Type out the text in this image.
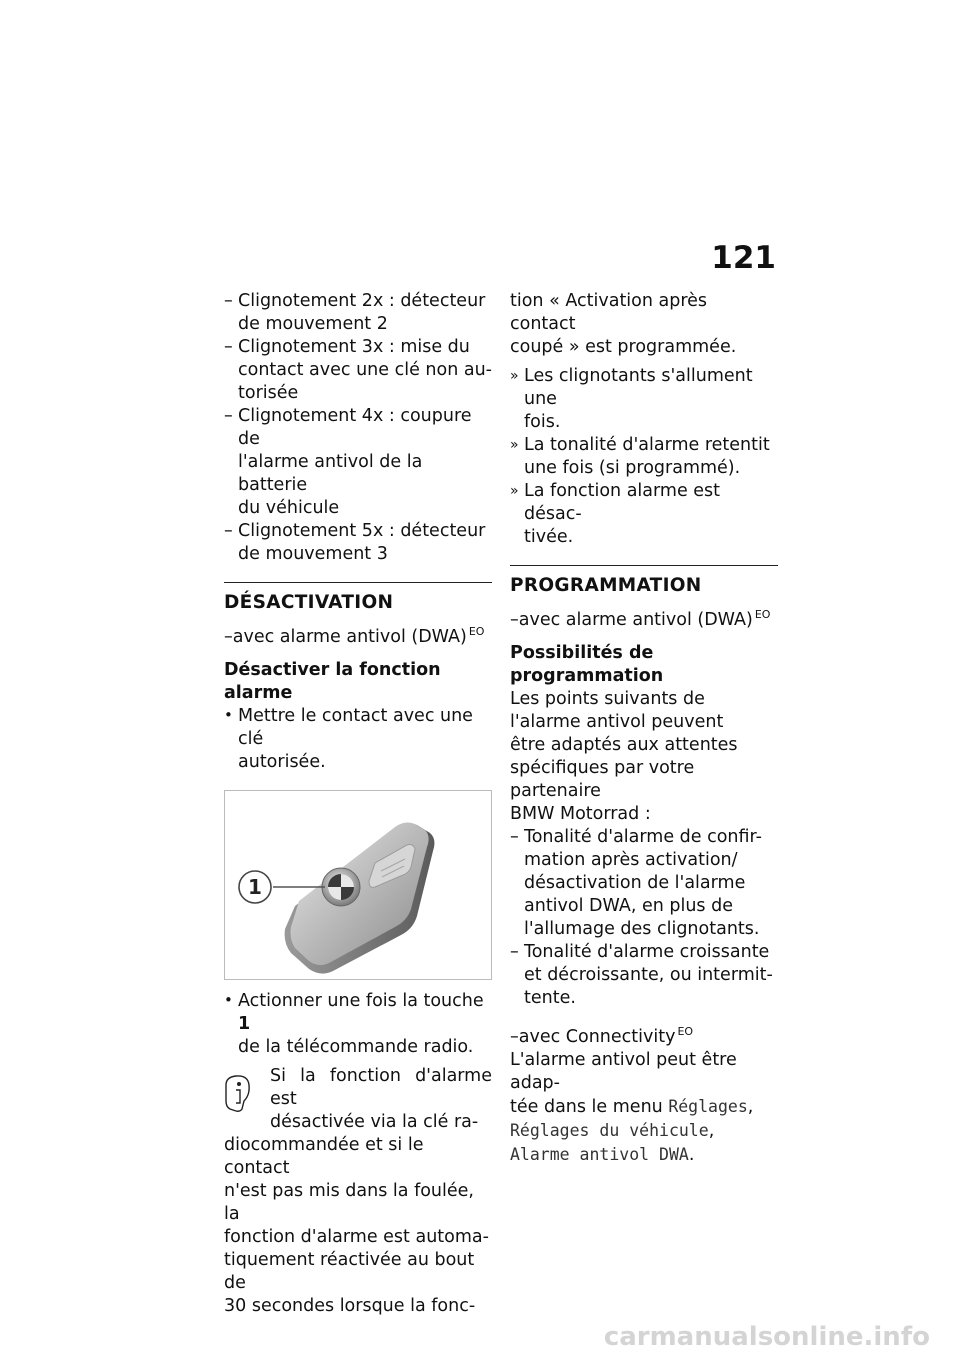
121
– Clignotement 2x : détecteur
de mouvement 2
– Clignotement 3x : mise du
contact avec une clé non au-
torisée
– Clignotement 4x : coupure de
l'alarme antivol de la batterie
du véhicule
– Clignotement 5x : détecteur
de mouvement 3
DÉSACTIVATION
–avec alarme antivol (DWA) $^{EO}$
Désactiver la fonction alarme
• Mettre le contact avec une clé
autorisée.
1
• Actionner une fois la touche 1
de la télécommande radio.
Si la fonction d'alarme est
désactivée via la clé ra-
diocommandée et si le contact
n'est pas mis dans la foulée, la
fonction d'alarme est automa-
tiquement réactivée au bout de
30 secondes lorsque la fonc-
tion « Activation après contact
coupé » est programmée.
» Les clignotants s'allument une
fois.
» La tonalité d'alarme retentit
une fois (si programmé).
» La fonction alarme est désac-
tivée.
PROGRAMMATION
–avec alarme antivol (DWA) $^{EO}$
Possibilités de
programmation
Les points suivants de
l'alarme antivol peuvent
être adaptés aux attentes
spécifiques par votre partenaire
BMW Motorrad :
– Tonalité d'alarme de confir-
mation après activation/
désactivation de l'alarme
antivol DWA, en plus de
l'allumage des clignotants.
– Tonalité d'alarme croissante
et décroissante, ou intermit-
tente.
–avec Connectivity $^{EO}$
L'alarme antivol peut être adap-
tée dans le menu Réglages,
Réglages du véhicule,
Alarme antivol DWA.
carmanualsonline.info
